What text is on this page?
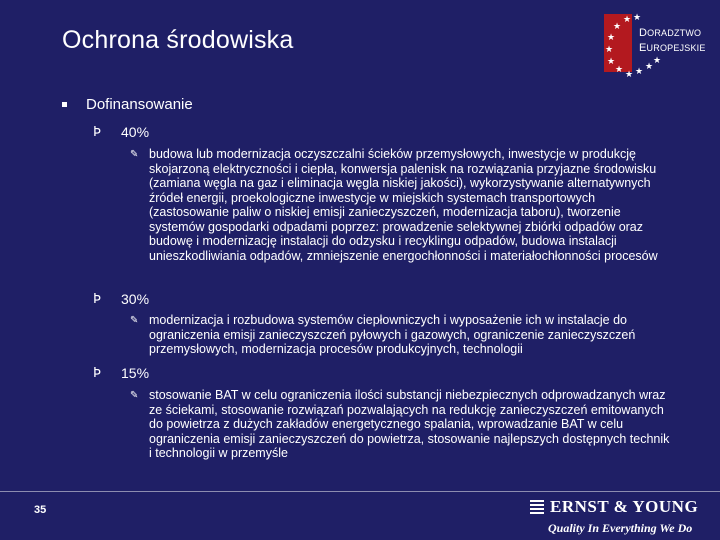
Ochrona środowiska
★ ★
★
★
★
★
★ ★ ★ ★
★
DORADZTWO
EUROPEJSKIE
Dofinansowanie
Þ	40%
✎ budowa lub modernizacja oczyszczalni ścieków przemysłowych, inwestycje w produkcję skojarzoną elektryczności i ciepła, konwersja palenisk na rozwiązania przyjazne środowisku (zamiana węgla na gaz i eliminacja węgla niskiej jakości), wykorzystywanie alternatywnych źródeł energii, proekologiczne inwestycje w miejskich systemach transportowych (zastosowanie paliw o niskiej emisji zanieczyszczeń, modernizacja taboru), tworzenie systemów gospodarki odpadami poprzez: prowadzenie selektywnej zbiórki odpadów oraz budowę i modernizację instalacji do odzysku i recyklingu odpadów, budowa instalacji unieszkodliwiania odpadów, zmniejszenie energochłonności i materiałochłonności procesów
Þ	30%
✎ modernizacja i rozbudowa systemów ciepłowniczych i wyposażenie ich w instalacje do ograniczenia emisji zanieczyszczeń pyłowych i gazowych, ograniczenie zanieczyszczeń przemysłowych, modernizacja procesów produkcyjnych, technologii
Þ	15%
✎ stosowanie BAT w celu ograniczenia ilości substancji niebezpiecznych odprowadzanych wraz ze ściekami, stosowanie rozwiązań pozwalających na redukcję zanieczyszczeń emitowanych do powietrza z dużych zakładów energetycznego spalania, wprowadzanie BAT w celu ograniczenia emisji zanieczyszczeń do powietrza, stosowanie najlepszych dostępnych technik i technologii w przemyśle
35	ERNST & YOUNG
Quality In Everything We Do
